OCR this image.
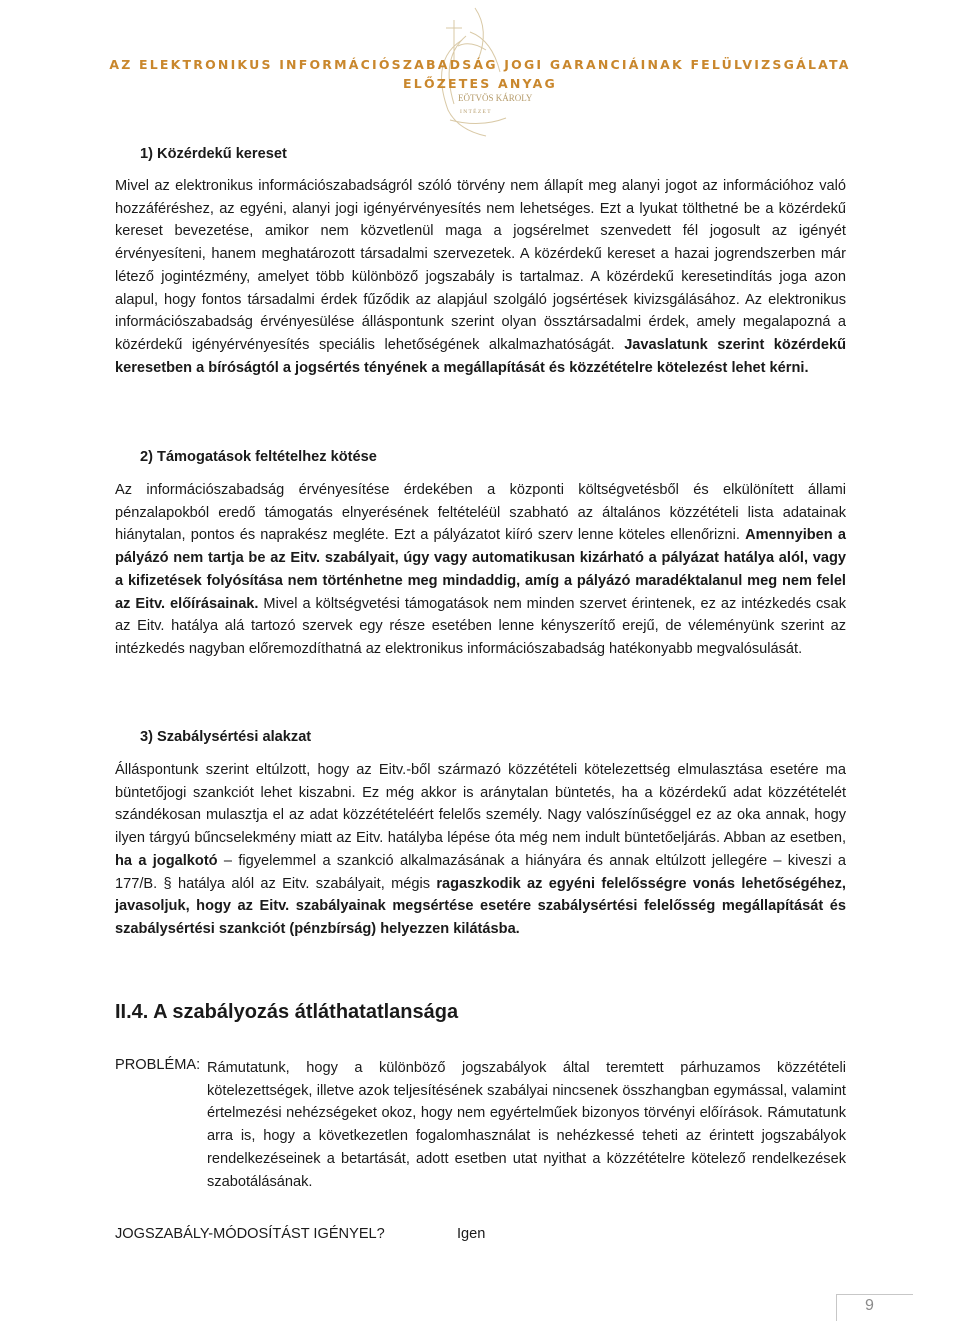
EÖTVÖS KÁROLY
I N T É Z E T
AZ ELEKTRONIKUS INFORMÁCIÓSZABADSÁG JOGI GARANCIÁINAK FELÜLVIZSGÁLATA
ELŐZETES ANYAG
1) Közérdekű kereset

Mivel az elektronikus információszabadságról szóló törvény nem állapít meg alanyi jogot az információhoz való hozzáféréshez, az egyéni, alanyi jogi igényérvényesítés nem lehetséges. Ezt a lyukat tölthetné be a közérdekű kereset bevezetése, amikor nem közvetlenül maga a jogsérelmet szenvedett fél jogosult az igényét érvényesíteni, hanem meghatározott társadalmi szervezetek. A közérdekű kereset a hazai jogrendszerben már létező jogintézmény, amelyet több különböző jogszabály is tartalmaz. A közérdekű keresetindítás joga azon alapul, hogy fontos társadalmi érdek fűződik az alapjául szolgáló jogsértések kivizsgálásához. Az elektronikus információszabadság érvényesülése álláspontunk szerint olyan össztársadalmi érdek, amely megalapozná a közérdekű igényérvényesítés speciális lehetőségének alkalmazhatóságát. Javaslatunk szerint közérdekű keresetben a bíróságtól a jogsértés tényének a megállapítását és közzétételre kötelezést lehet kérni.

2) Támogatások feltételhez kötése

Az információszabadság érvényesítése érdekében a központi költségvetésből és elkülönített állami pénzalapokból eredő támogatás elnyerésének feltételéül szabható az általános közzétételi lista adatainak hiánytalan, pontos és naprakész megléte. Ezt a pályázatot kiíró szerv lenne köteles ellenőrizni. Amennyiben a pályázó nem tartja be az Eitv. szabályait, úgy vagy automatikusan kizárható a pályázat hatálya alól, vagy a kifizetések folyósítása nem történhetne meg mindaddig, amíg a pályázó maradéktalanul meg nem felel az Eitv. előírásainak. Mivel a költségvetési támogatások nem minden szervet érintenek, ez az intézkedés csak az Eitv. hatálya alá tartozó szervek egy része esetében lenne kényszerítő erejű, de véleményünk szerint az intézkedés nagyban előremozdíthatná az elektronikus információszabadság hatékonyabb megvalósulását.

3) Szabálysértési alakzat

Álláspontunk szerint eltúlzott, hogy az Eitv.-ből származó közzétételi kötelezettség elmulasztása esetére ma büntetőjogi szankciót lehet kiszabni. Ez még akkor is aránytalan büntetés, ha a közérdekű adat közzétételét szándékosan mulasztja el az adat közzétételéért felelős személy. Nagy valószínűséggel ez az oka annak, hogy ilyen tárgyú bűncselekmény miatt az Eitv. hatályba lépése óta még nem indult büntetőeljárás. Abban az esetben, ha a jogalkotó – figyelemmel a szankció alkalmazásának a hiányára és annak eltúlzott jellegére – kiveszi a 177/B. § hatálya alól az Eitv. szabályait, mégis ragaszkodik az egyéni felelősségre vonás lehetőségéhez, javasoljuk, hogy az Eitv. szabályainak megsértése esetére szabálysértési felelősség megállapítását és szabálysértési szankciót (pénzbírság) helyezzen kilátásba.

II.4. A szabályozás átláthatatlansága
PROBLÉMA: Rámutatunk, hogy a különböző jogszabályok által teremtett párhuzamos közzétételi kötelezettségek, illetve azok teljesítésének szabályai nincsenek összhangban egymással, valamint értelmezési nehézségeket okoz, hogy nem egyértelműek bizonyos törvényi előírások. Rámutatunk arra is, hogy a következetlen fogalomhasználat is nehézkessé teheti az érintett jogszabályok rendelkezéseinek a betartását, adott esetben utat nyithat a közzétételre kötelező rendelkezések szabotálásának.

JOGSZABÁLY-MÓDOSÍTÁST IGÉNYEL?	Igen
9
